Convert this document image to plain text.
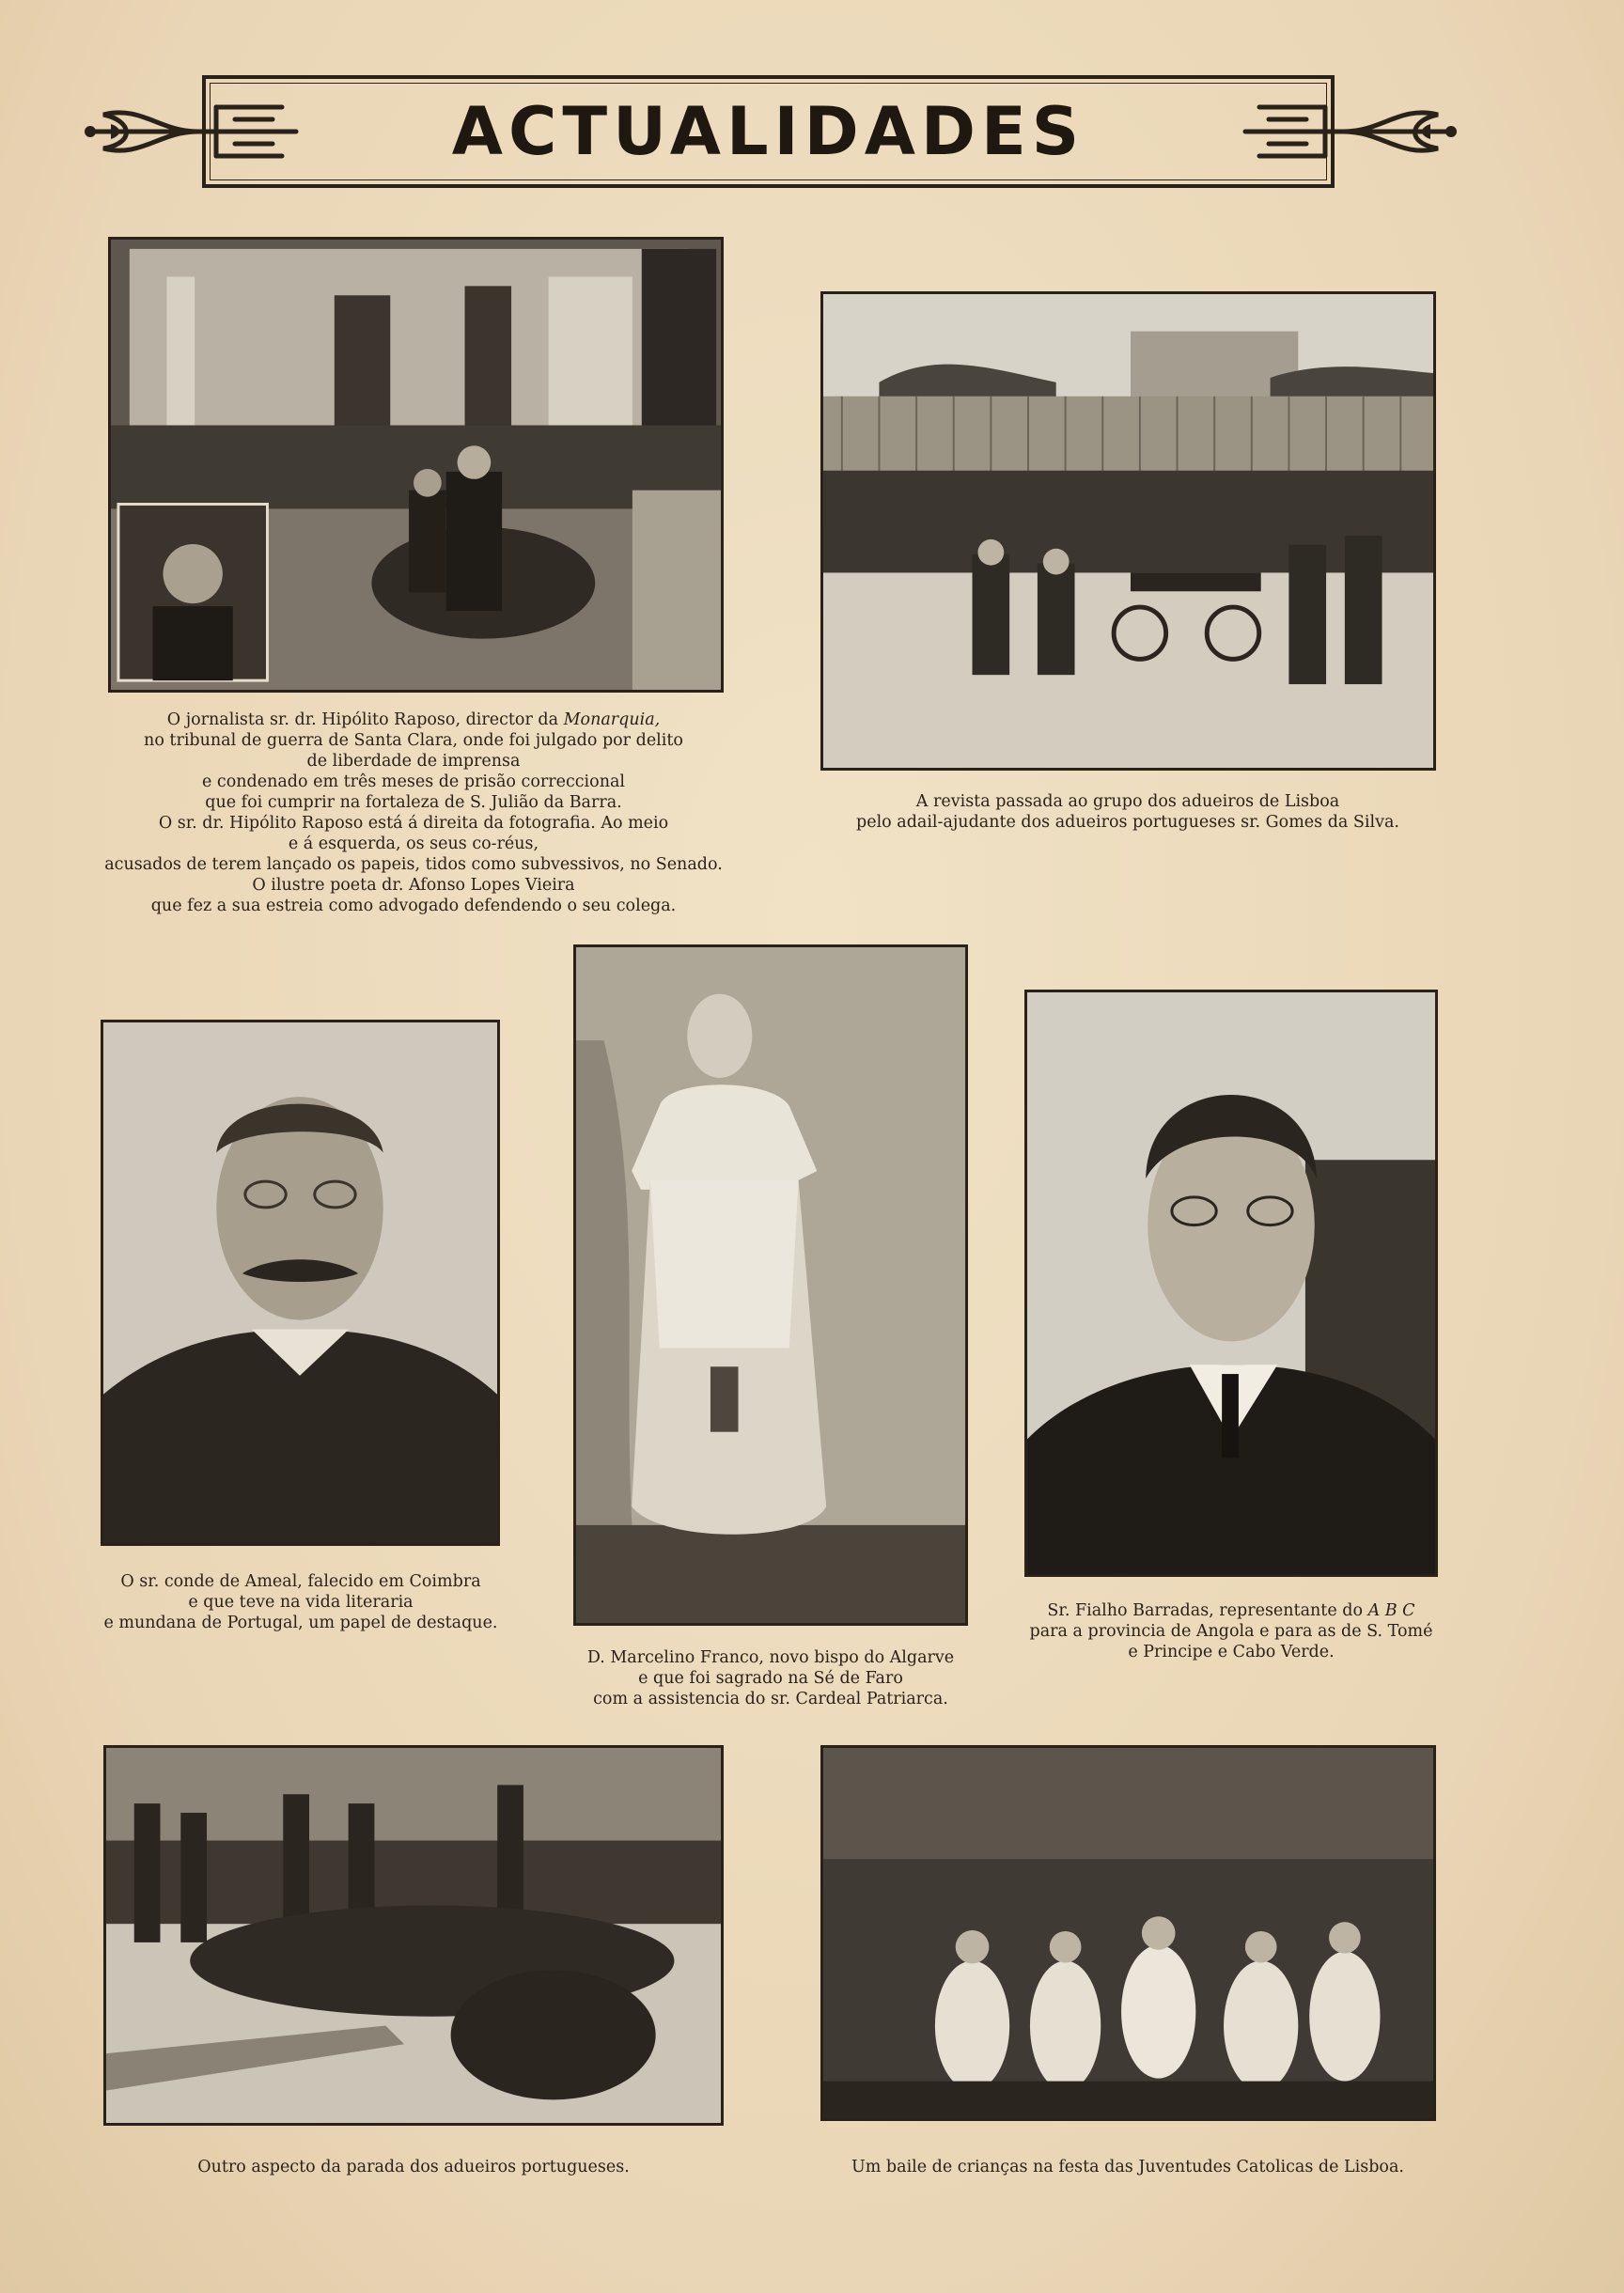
ACTUALIDADES
O jornalista sr. dr. Hipólito Raposo, director da Monarquia,
no tribunal de guerra de Santa Clara, onde foi julgado por delito
de liberdade de imprensa
e condenado em três meses de prisão correccional
que foi cumprir na fortaleza de S. Julião da Barra.
O sr. dr. Hipólito Raposo está á direita da fotografia. Ao meio
e á esquerda, os seus co-réus,
acusados de terem lançado os papeis, tidos como subvessivos, no Senado.
O ilustre poeta dr. Afonso Lopes Vieira
que fez a sua estreia como advogado defendendo o seu colega.
A revista passada ao grupo dos adueiros de Lisboa
pelo adail-ajudante dos adueiros portugueses sr. Gomes da Silva.
O sr. conde de Ameal, falecido em Coimbra
e que teve na vida literaria
e mundana de Portugal, um papel de destaque.
D. Marcelino Franco, novo bispo do Algarve
e que foi sagrado na Sé de Faro
com a assistencia do sr. Cardeal Patriarca.
Sr. Fialho Barradas, representante do A B C
para a provincia de Angola e para as de S. Tomé
e Principe e Cabo Verde.
Outro aspecto da parada dos adueiros portugueses.	Um baile de crianças na festa das Juventudes Catolicas de Lisboa.
